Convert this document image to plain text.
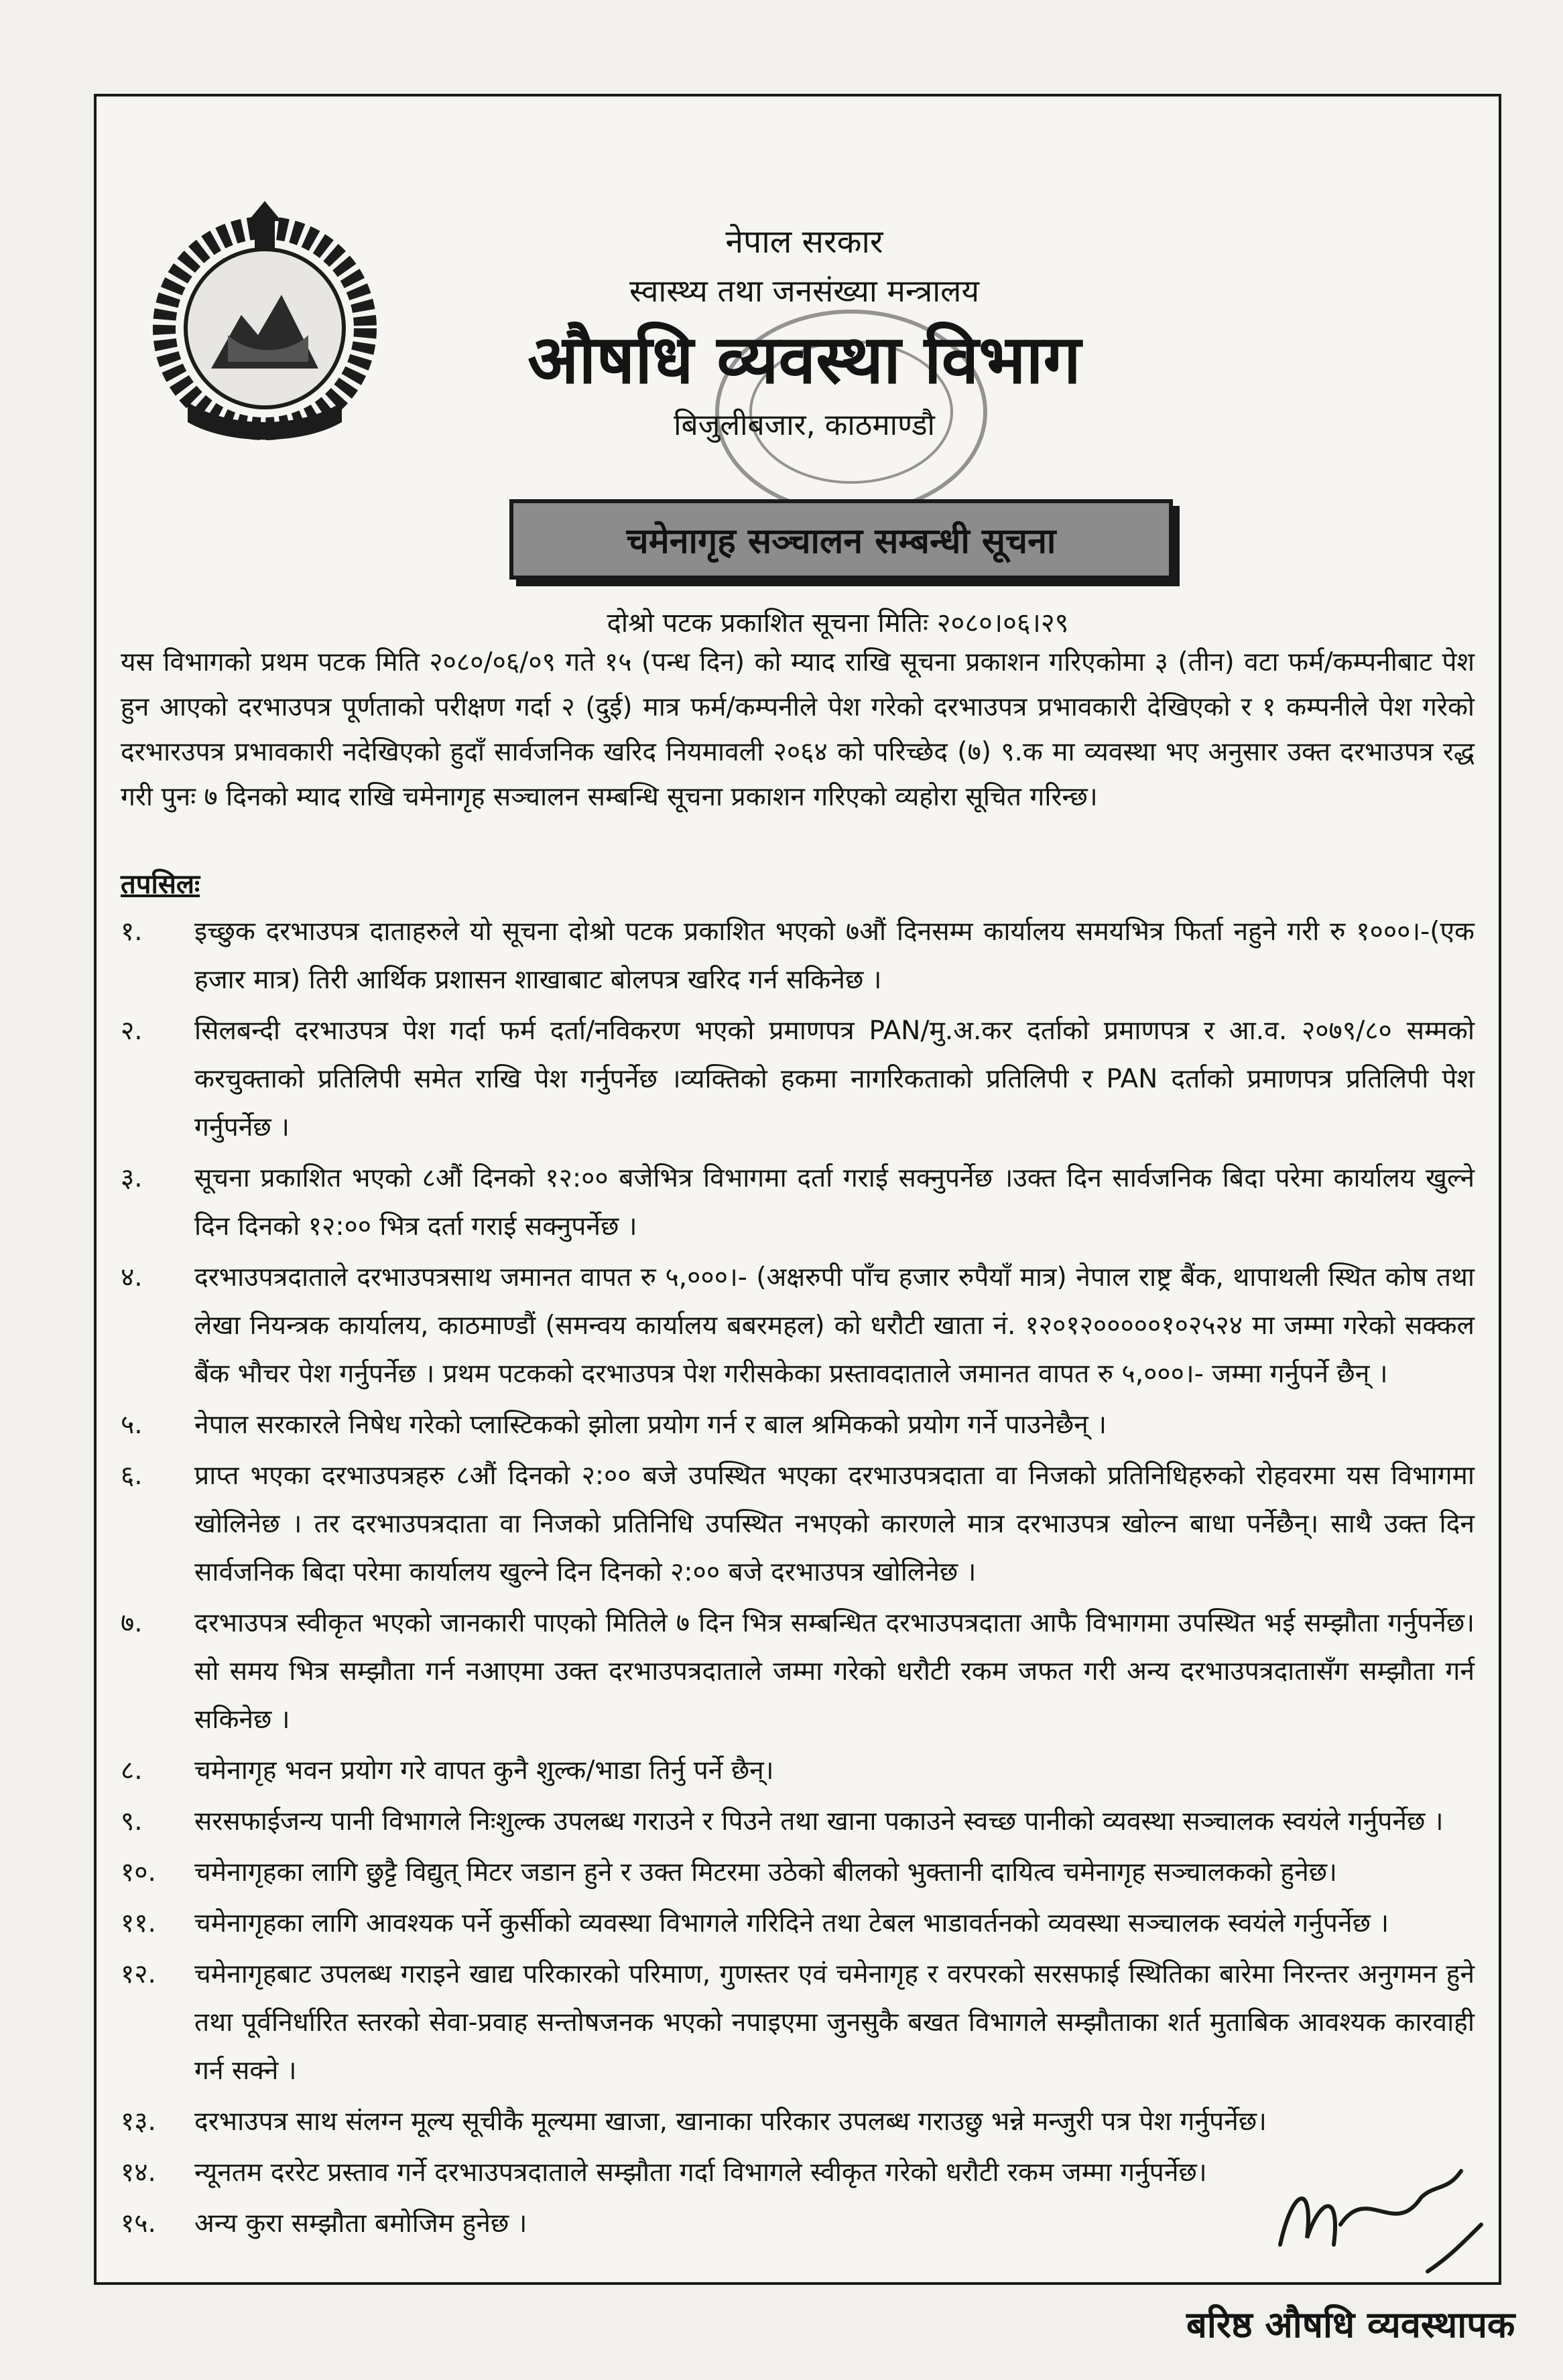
नेपाल सरकार
स्वास्थ्य तथा जनसंख्या मन्त्रालय
औषधि व्यवस्था विभाग
बिजुलीबजार, काठमाण्डौ
चमेनागृह सञ्चालन सम्बन्धी सूचना
दोश्रो पटक प्रकाशित सूचना मितिः २०८०।०६।२९

यस विभागको प्रथम पटक मिति २०८०/०६/०९ गते १५ (पन्ध दिन) को म्याद राखि सूचना प्रकाशन गरिएकोमा ३ (तीन) वटा फर्म/कम्पनीबाट पेश हुन आएको दरभाउपत्र पूर्णताको परीक्षण गर्दा २ (दुई) मात्र फर्म/कम्पनीले पेश गरेको दरभाउपत्र प्रभावकारी देखिएको र १ कम्पनीले पेश गरेको दरभारउपत्र प्रभावकारी नदेखिएको हुदाँ सार्वजनिक खरिद नियमावली २०६४ को परिच्छेद (७) ९.क मा व्यवस्था भए अनुसार उक्त दरभाउपत्र रद्ध गरी पुनः ७ दिनको म्याद राखि चमेनागृह सञ्चालन सम्बन्धि सूचना प्रकाशन गरिएको व्यहोरा सूचित गरिन्छ।

तपसिलः

१.	इच्छुक दरभाउपत्र दाताहरुले यो सूचना दोश्रो पटक प्रकाशित भएको ७औं दिनसम्म कार्यालय समयभित्र फिर्ता नहुने गरी रु १०००।-(एक हजार मात्र) तिरी आर्थिक प्रशासन शाखाबाट बोलपत्र खरिद गर्न सकिनेछ ।
२.	सिलबन्दी दरभाउपत्र पेश गर्दा फर्म दर्ता/नविकरण भएको प्रमाणपत्र PAN/मु.अ.कर दर्ताको प्रमाणपत्र र आ.व. २०७९/८० सम्मको करचुक्ताको प्रतिलिपी समेत राखि पेश गर्नुपर्नेछ ।व्यक्तिको हकमा नागरिकताको प्रतिलिपी र PAN दर्ताको प्रमाणपत्र प्रतिलिपी पेश गर्नुपर्नेछ ।
३.	सूचना प्रकाशित भएको ८औं दिनको १२:०० बजेभित्र विभागमा दर्ता गराई सक्नुपर्नेछ ।उक्त दिन सार्वजनिक बिदा परेमा कार्यालय खुल्ने दिन दिनको १२:०० भित्र दर्ता गराई सक्नुपर्नेछ ।
४.	दरभाउपत्रदाताले दरभाउपत्रसाथ जमानत वापत रु ५,०००।- (अक्षरुपी पाँच हजार रुपैयाँ मात्र) नेपाल राष्ट्र बैंक, थापाथली स्थित कोष तथा लेखा नियन्त्रक कार्यालय, काठमाण्डौं (समन्वय कार्यालय बबरमहल) को धरौटी खाता नं. १२०१२०००००१०२५२४ मा जम्मा गरेको सक्कल बैंक भौचर पेश गर्नुपर्नेछ । प्रथम पटकको दरभाउपत्र पेश गरीसकेका प्रस्तावदाताले जमानत वापत रु ५,०००।- जम्मा गर्नुपर्ने छैन् ।
५.	नेपाल सरकारले निषेध गरेको प्लास्टिकको झोला प्रयोग गर्न र बाल श्रमिकको प्रयोग गर्ने पाउनेछैन् ।
६.	प्राप्त भएका दरभाउपत्रहरु ८औं दिनको २:०० बजे उपस्थित भएका दरभाउपत्रदाता वा निजको प्रतिनिधिहरुको रोहवरमा यस विभागमा खोलिनेछ । तर दरभाउपत्रदाता वा निजको प्रतिनिधि उपस्थित नभएको कारणले मात्र दरभाउपत्र खोल्न बाधा पर्नेछैन्। साथै उक्त दिन सार्वजनिक बिदा परेमा कार्यालय खुल्ने दिन दिनको २:०० बजे दरभाउपत्र खोलिनेछ ।
७.	दरभाउपत्र स्वीकृत भएको जानकारी पाएको मितिले ७ दिन भित्र सम्बन्धित दरभाउपत्रदाता आफै विभागमा उपस्थित भई सम्झौता गर्नुपर्नेछ। सो समय भित्र सम्झौता गर्न नआएमा उक्त दरभाउपत्रदाताले जम्मा गरेको धरौटी रकम जफत गरी अन्य दरभाउपत्रदातासँग सम्झौता गर्न सकिनेछ ।
८.	चमेनागृह भवन प्रयोग गरे वापत कुनै शुल्क/भाडा तिर्नु पर्ने छैन्।
९.	सरसफाईजन्य पानी विभागले निःशुल्क उपलब्ध गराउने र पिउने तथा खाना पकाउने स्वच्छ पानीको व्यवस्था सञ्चालक स्वयंले गर्नुपर्नेछ ।
१०.	चमेनागृहका लागि छुट्टै विद्युत् मिटर जडान हुने र उक्त मिटरमा उठेको बीलको भुक्तानी दायित्व चमेनागृह सञ्चालकको हुनेछ।
११.	चमेनागृहका लागि आवश्यक पर्ने कुर्सीको व्यवस्था विभागले गरिदिने तथा टेबल भाडावर्तनको व्यवस्था सञ्चालक स्वयंले गर्नुपर्नेछ ।
१२.	चमेनागृहबाट उपलब्ध गराइने खाद्य परिकारको परिमाण, गुणस्तर एवं चमेनागृह र वरपरको सरसफाई स्थितिका बारेमा निरन्तर अनुगमन हुने तथा पूर्वनिर्धारित स्तरको सेवा-प्रवाह सन्तोषजनक भएको नपाइएमा जुनसुकै बखत विभागले सम्झौताका शर्त मुताबिक आवश्यक कारवाही गर्न सक्ने ।
१३.	दरभाउपत्र साथ संलग्न मूल्य सूचीकै मूल्यमा खाजा, खानाका परिकार उपलब्ध गराउछु भन्ने मन्जुरी पत्र पेश गर्नुपर्नेछ।
१४.	न्यूनतम दररेट प्रस्ताव गर्ने दरभाउपत्रदाताले सम्झौता गर्दा विभागले स्वीकृत गरेको धरौटी रकम जम्मा गर्नुपर्नेछ।
१५.	अन्य कुरा सम्झौता बमोजिम हुनेछ ।
बरिष्ठ औषधि व्यवस्थापक
